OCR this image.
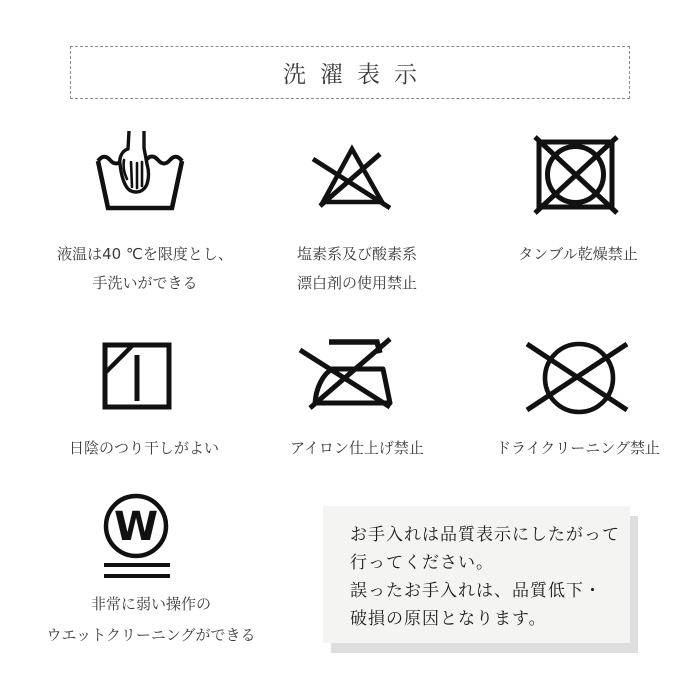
洗濯表示
液温は40 ℃を限度とし、
手洗いができる
塩素系及び酸素系
漂白剤の使用禁止
タンブル乾燥禁止
日陰のつり干しがよい	アイロン仕上げ禁止	ドライクリーニング禁止
W
非常に弱い操作の
ウエットクリーニングができる
お手入れは品質表示にしたがって
行ってください。
誤ったお手入れは、品質低下・
破損の原因となります。
